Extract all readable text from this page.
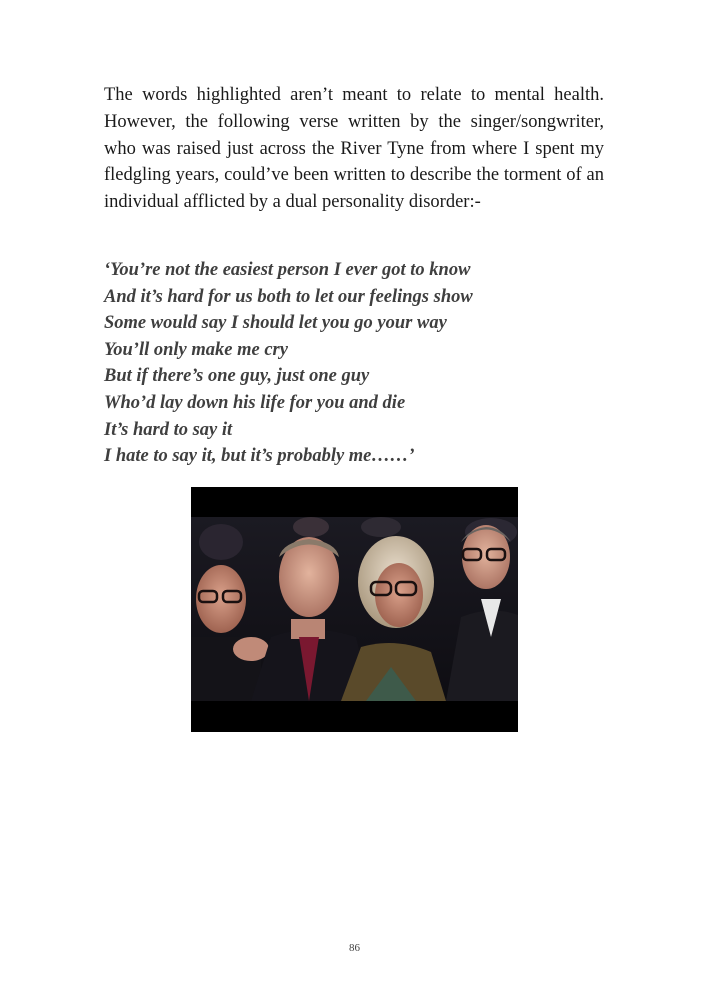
The words highlighted aren’t meant to relate to mental health. However, the following verse written by the singer/songwriter, who was raised just across the River Tyne from where I spent my fledgling years, could’ve been written to describe the torment of an individual afflicted by a dual personality disorder:-

‘You’re not the easiest person I ever got to know
And it’s hard for us both to let our feelings show
Some would say I should let you go your way
You’ll only make me cry
But if there’s one guy, just one guy
Who’d lay down his life for you and die
It’s hard to say it
I hate to say it, but it’s probably me……’
86
